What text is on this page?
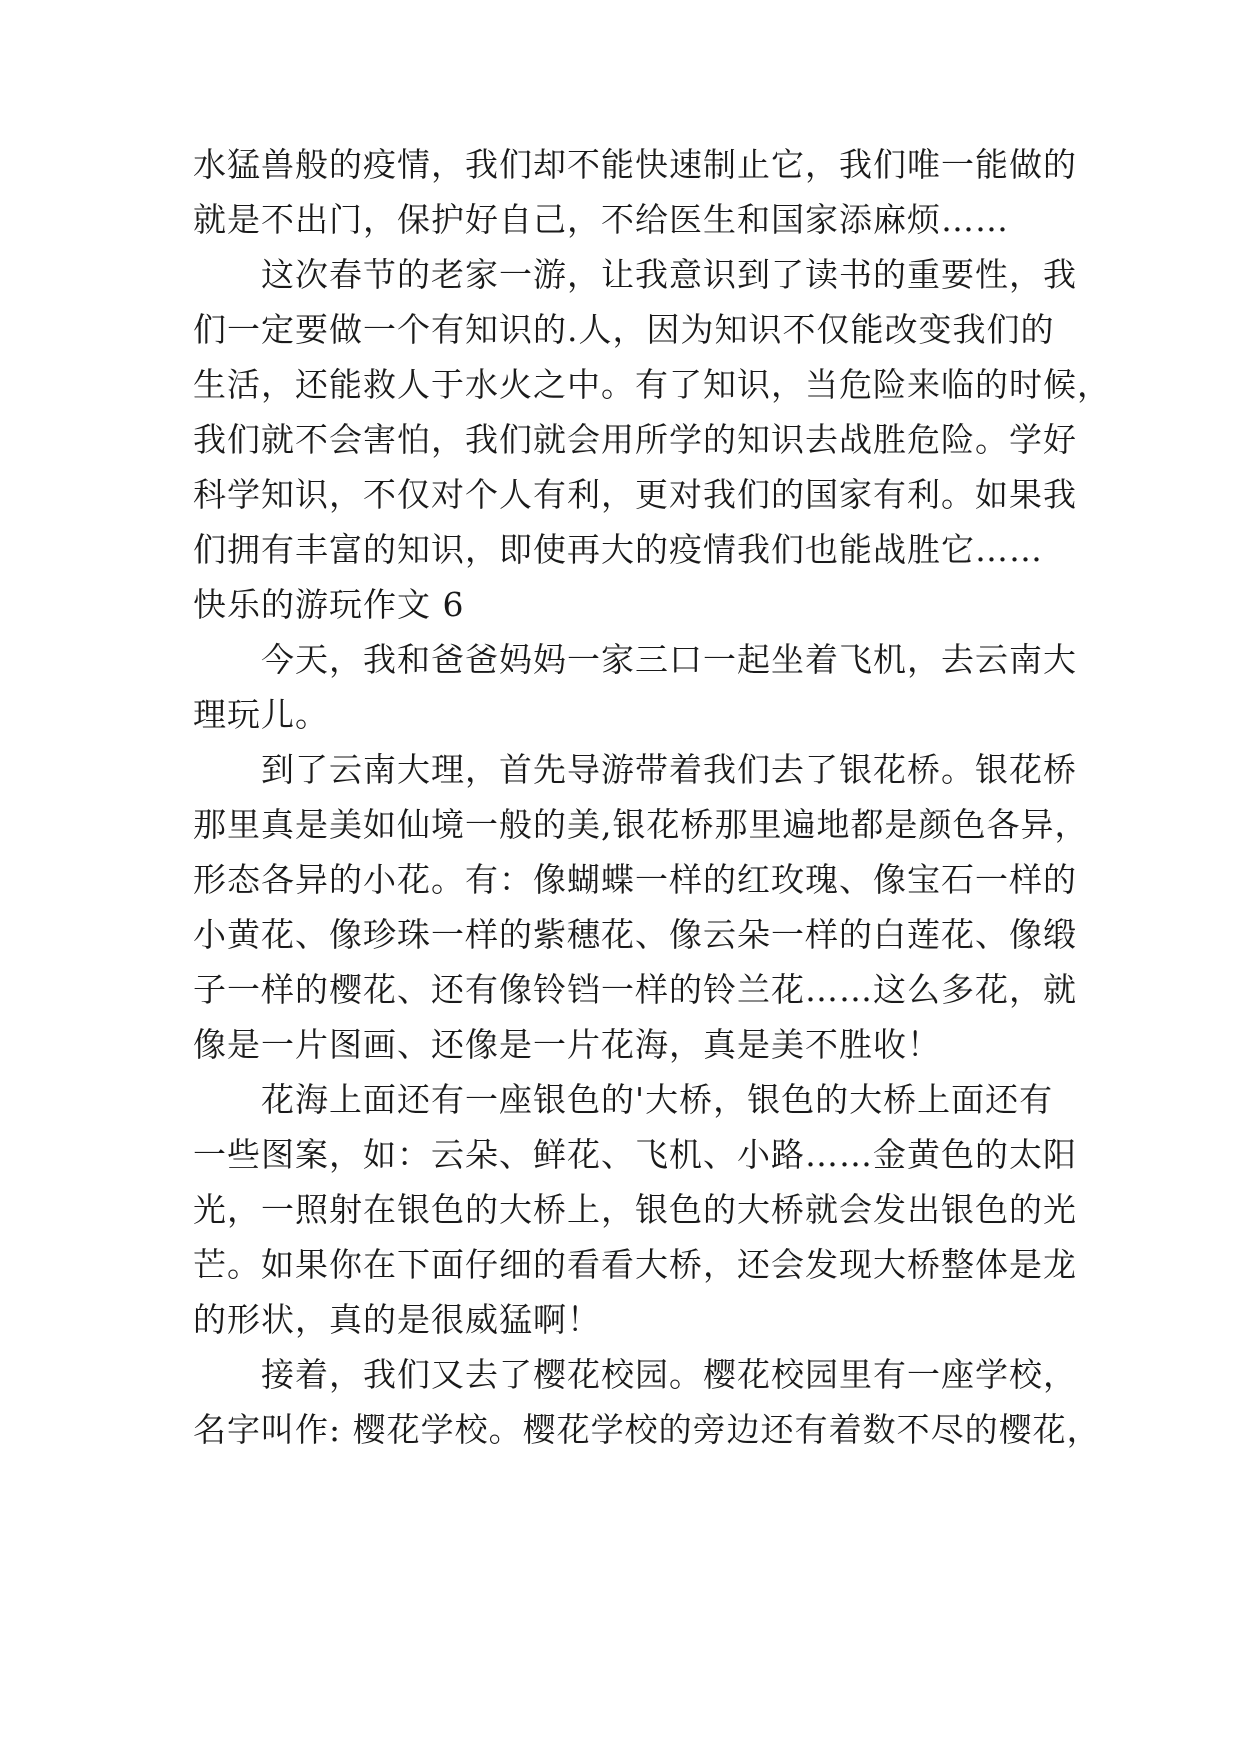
水猛兽般的疫情，我们却不能快速制止它，我们唯一能做的
就是不出门，保护好自己，不给医生和国家添麻烦……
　　这次春节的老家一游，让我意识到了读书的重要性，我
们一定要做一个有知识的.人，因为知识不仅能改变我们的
生活，还能救人于水火之中。有了知识，当危险来临的时候，
我们就不会害怕，我们就会用所学的知识去战胜危险。学好
科学知识，不仅对个人有利，更对我们的国家有利。如果我
们拥有丰富的知识，即使再大的疫情我们也能战胜它……
快乐的游玩作文 6
　　今天，我和爸爸妈妈一家三口一起坐着飞机，去云南大
理玩儿。
　　到了云南大理，首先导游带着我们去了银花桥。银花桥
那里真是美如仙境一般的美,银花桥那里遍地都是颜色各异，
形态各异的小花。有：像蝴蝶一样的红玫瑰、像宝石一样的
小黄花、像珍珠一样的紫穗花、像云朵一样的白莲花、像缎
子一样的樱花、还有像铃铛一样的铃兰花……这么多花，就
像是一片图画、还像是一片花海，真是美不胜收！
　　花海上面还有一座银色的'大桥，银色的大桥上面还有
一些图案，如：云朵、鲜花、飞机、小路……金黄色的太阳
光，一照射在银色的大桥上，银色的大桥就会发出银色的光
芒。如果你在下面仔细的看看大桥，还会发现大桥整体是龙
的形状，真的是很威猛啊！
　　接着，我们又去了樱花校园。樱花校园里有一座学校，
名字叫作: 樱花学校。樱花学校的旁边还有着数不尽的樱花，
